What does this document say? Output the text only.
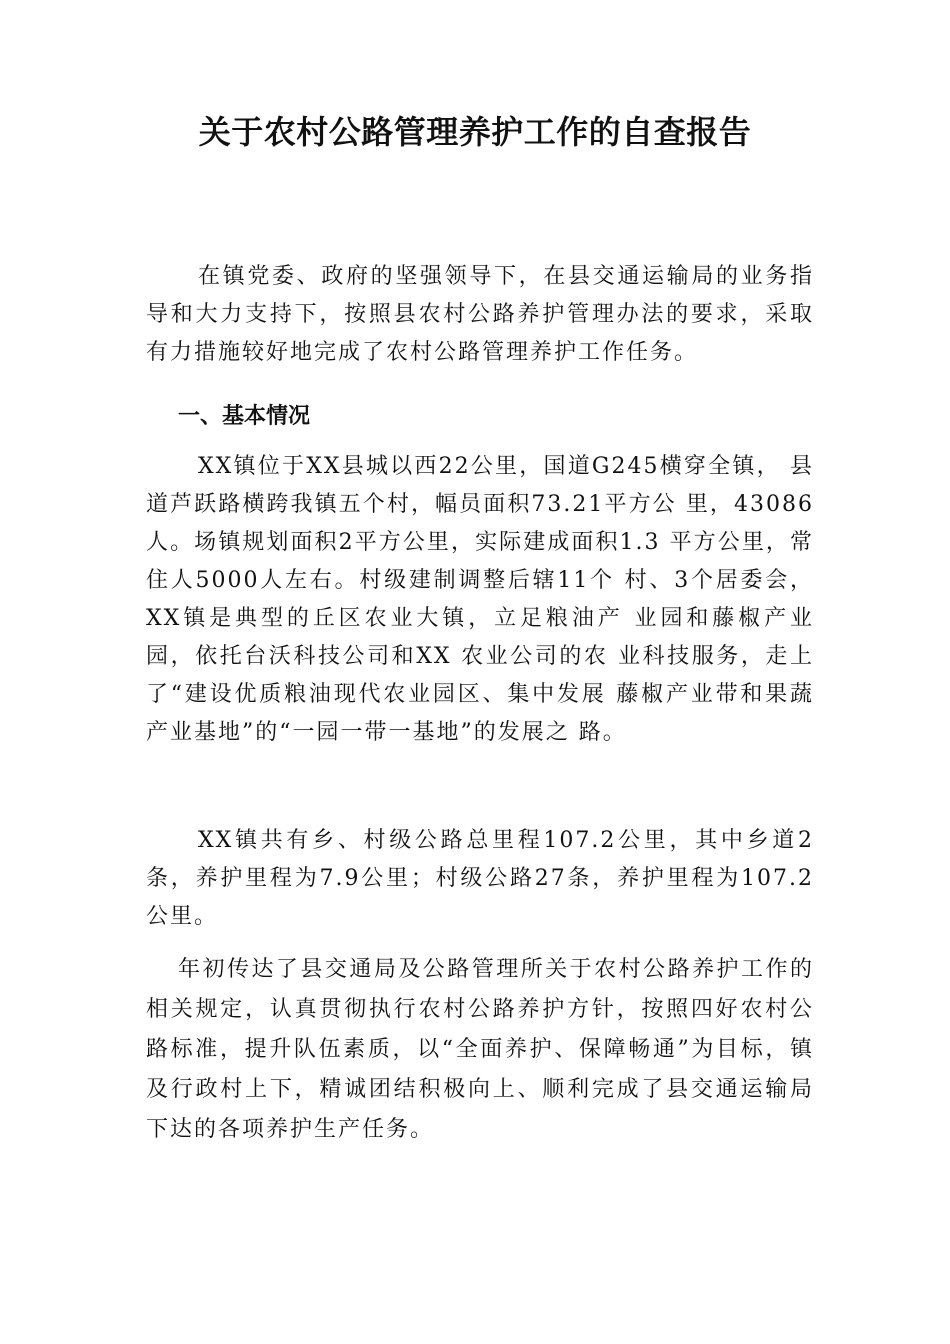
关于农村公路管理养护工作的自查报告

在镇党委、政府的坚强领导下，在县交通运输局的业务指导和大力支持下，按照县农村公路养护管理办法的要求，采取有力措施较好地完成了农村公路管理养护工作任务。

一、基本情况

XX镇位于XX县城以西22公里，国道G245横穿全镇， 县道芦跃路横跨我镇五个村，幅员面积73.21平方公 里，43086人。场镇规划面积2平方公里，实际建成面积1.3 平方公里，常住人5000人左右。村级建制调整后辖11个 村、3个居委会，XX镇是典型的丘区农业大镇，立足粮油产 业园和藤椒产业园，依托台沃科技公司和XX 农业公司的农 业科技服务，走上了“建设优质粮油现代农业园区、集中发展 藤椒产业带和果蔬产业基地”的“一园一带一基地”的发展之 路。

XX镇共有乡、村级公路总里程107.2公里，其中乡道2 条，养护里程为7.9公里；村级公路27条，养护里程为107.2 公里。

年初传达了县交通局及公路管理所关于农村公路养护工作的相关规定，认真贯彻执行农村公路养护方针，按照四好农村公路标准，提升队伍素质，以“全面养护、保障畅通”为目标，镇及行政村上下，精诚团结积极向上、顺利完成了县交通运输局下达的各项养护生产任务。
